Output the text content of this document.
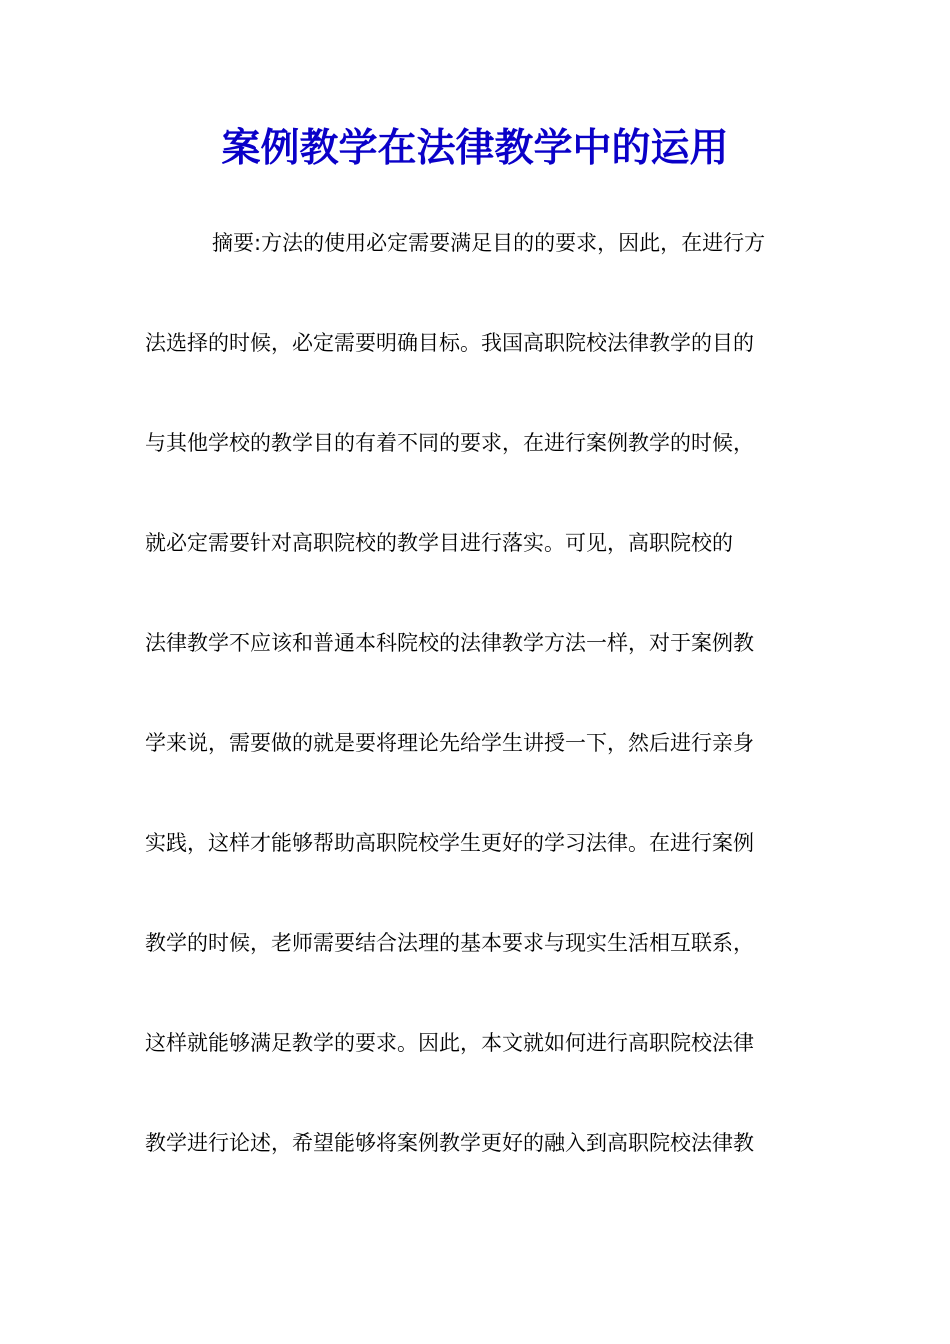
案例教学在法律教学中的运用
摘要:方法的使用必定需要满足目的的要求，因此，在进行方
法选择的时候，必定需要明确目标。我国高职院校法律教学的目的
与其他学校的教学目的有着不同的要求，在进行案例教学的时候，
就必定需要针对高职院校的教学目进行落实。可见，高职院校的
法律教学不应该和普通本科院校的法律教学方法一样，对于案例教
学来说，需要做的就是要将理论先给学生讲授一下，然后进行亲身
实践，这样才能够帮助高职院校学生更好的学习法律。在进行案例
教学的时候，老师需要结合法理的基本要求与现实生活相互联系，
这样就能够满足教学的要求。因此，本文就如何进行高职院校法律
教学进行论述，希望能够将案例教学更好的融入到高职院校法律教
